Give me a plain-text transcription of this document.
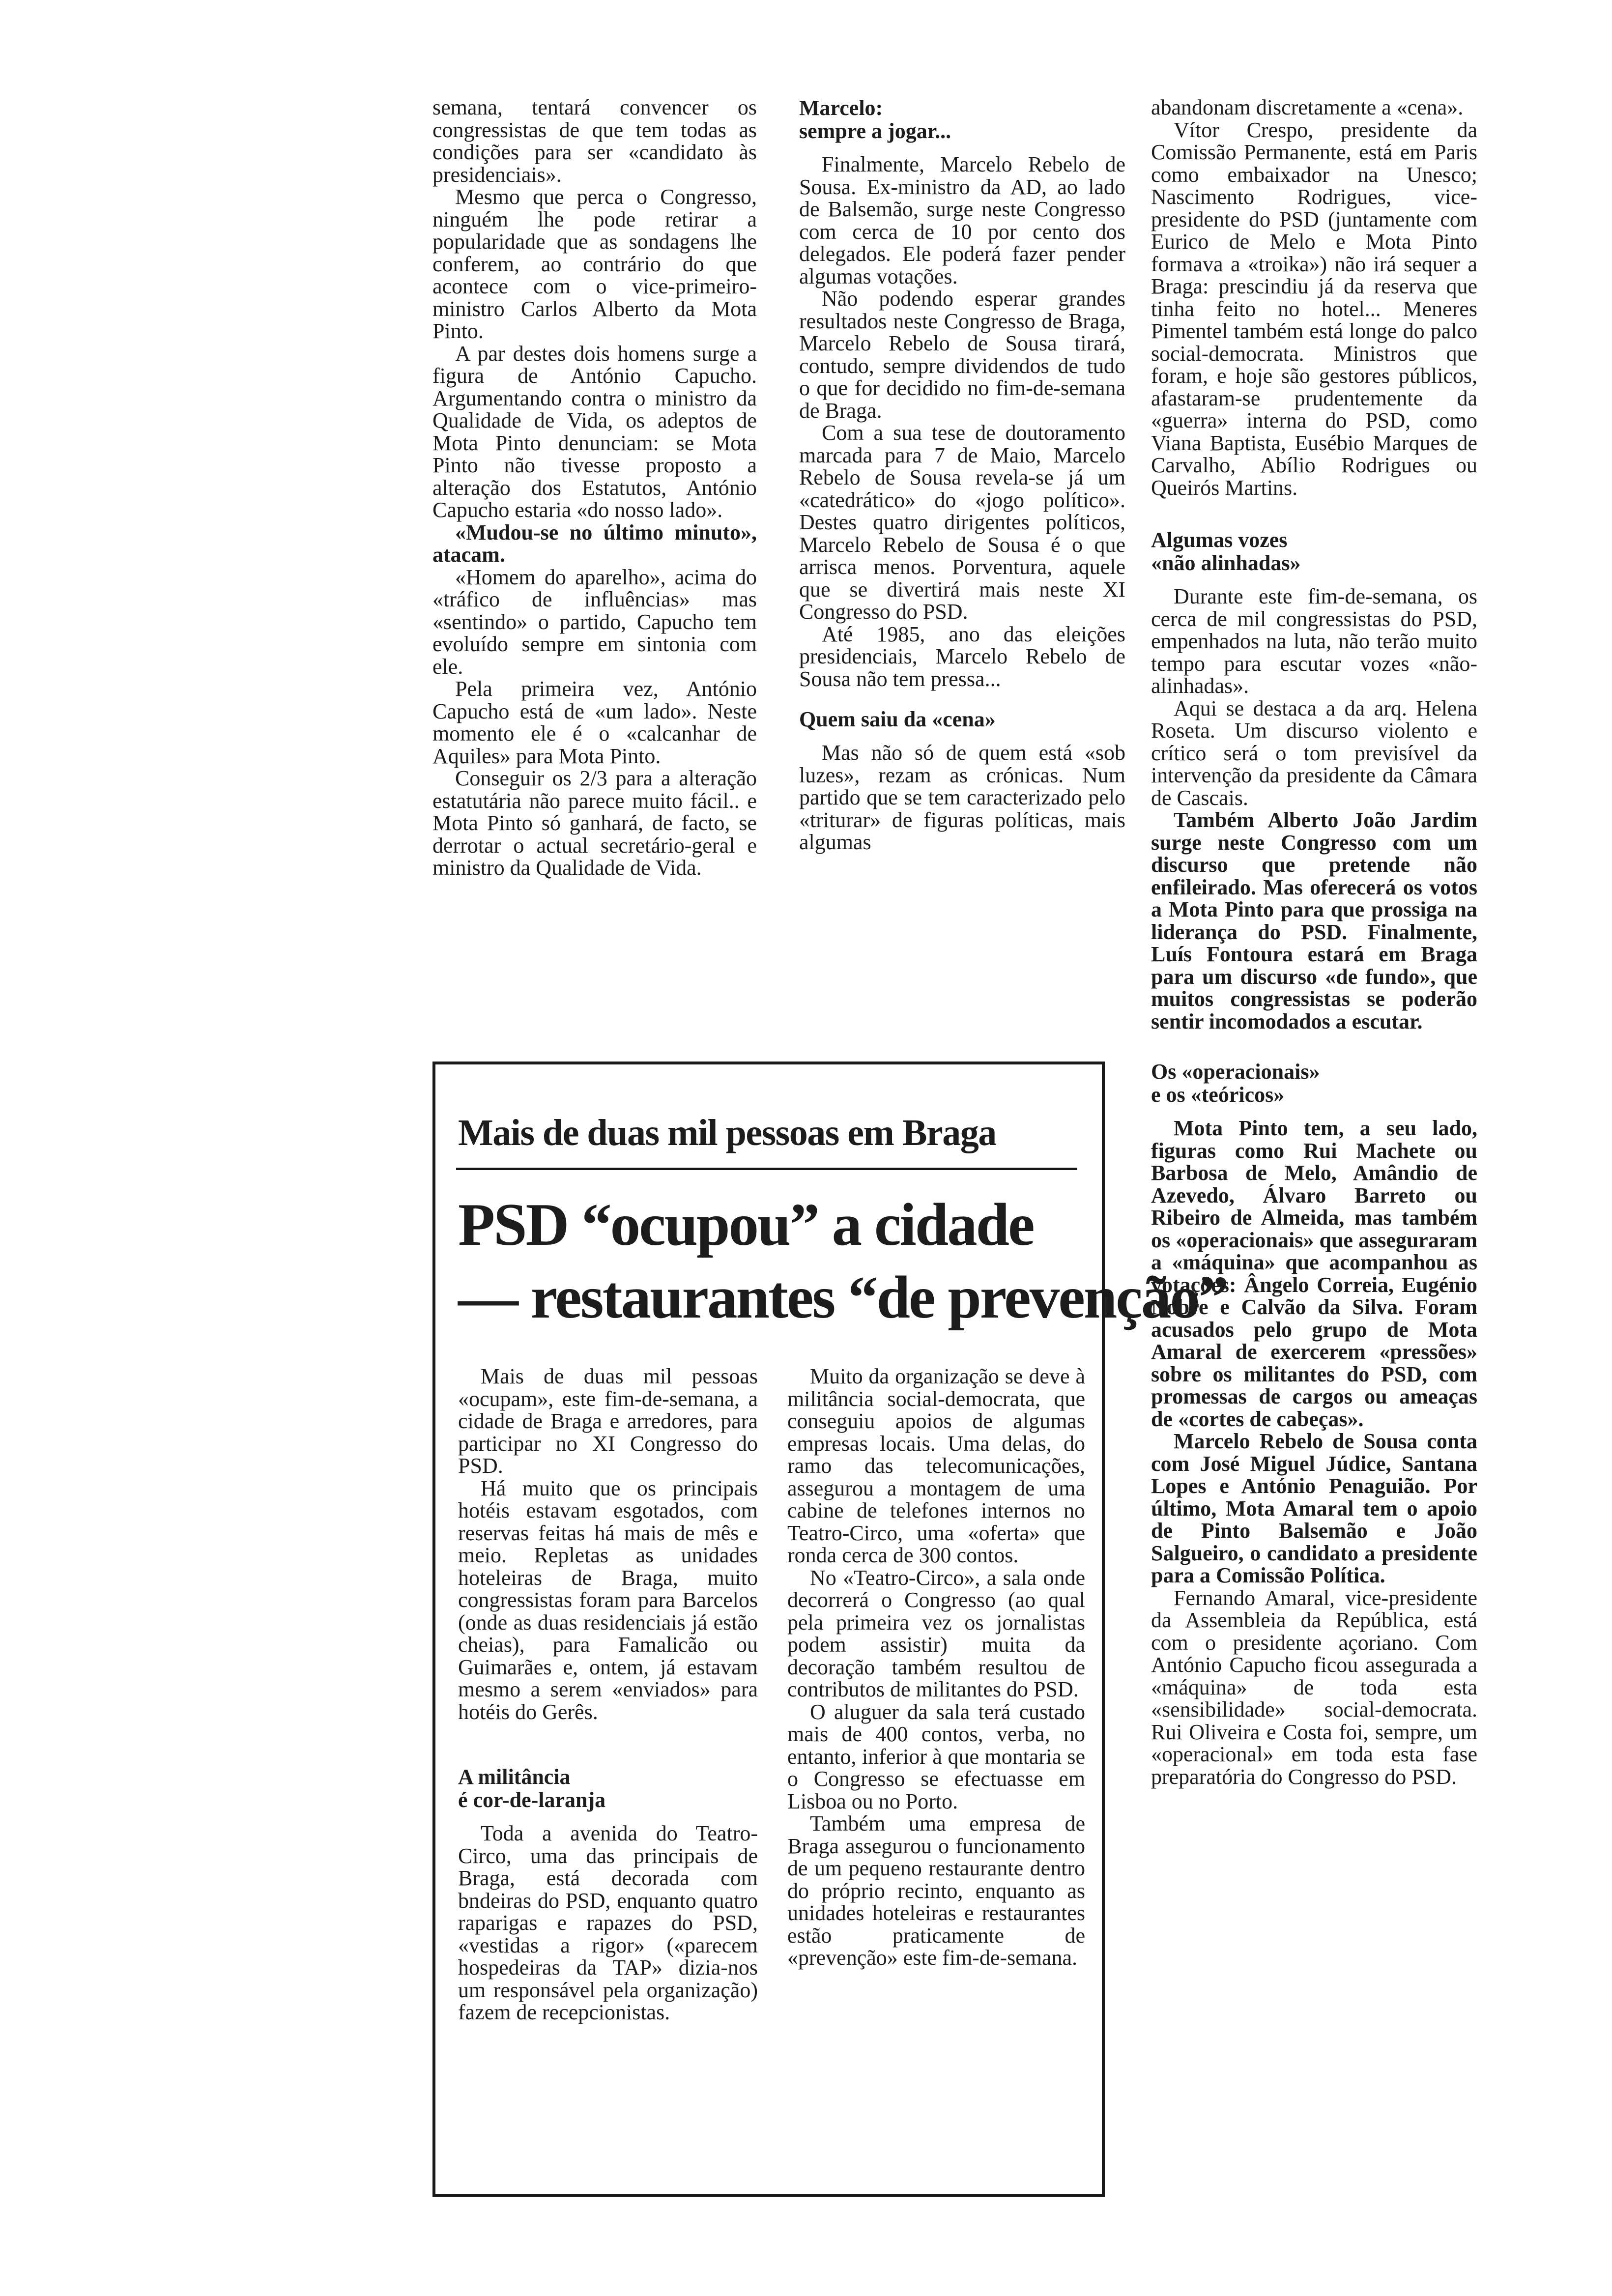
semana, tentará convencer os congressistas de que tem todas as condições para ser «candidato às presidenciais».

Mesmo que perca o Congresso, ninguém lhe pode retirar a popularidade que as sondagens lhe conferem, ao contrário do que acontece com o vice-primeiro-ministro Carlos Alberto da Mota Pinto.

A par destes dois homens surge a figura de António Capucho. Argumentando contra o ministro da Qualidade de Vida, os adeptos de Mota Pinto denunciam: se Mota Pinto não tivesse proposto a alteração dos Estatutos, António Capucho estaria «do nosso lado».

«Mudou-se no último minuto», atacam.

«Homem do aparelho», acima do «tráfico de influências» mas «sentindo» o partido, Capucho tem evoluído sempre em sintonia com ele.

Pela primeira vez, António Capucho está de «um lado». Neste momento ele é o «calcanhar de Aquiles» para Mota Pinto.

Conseguir os 2/3 para a alteração estatutária não parece muito fácil.. e Mota Pinto só ganhará, de facto, se derrotar o actual secretário-geral e ministro da Qualidade de Vida.

Marcelo:
sempre a jogar...

Finalmente, Marcelo Rebelo de Sousa. Ex-ministro da AD, ao lado de Balsemão, surge neste Congresso com cerca de 10 por cento dos delegados. Ele poderá fazer pender algumas votações.

Não podendo esperar grandes resultados neste Congresso de Braga, Marcelo Rebelo de Sousa tirará, contudo, sempre dividendos de tudo o que for decidido no fim-de-semana de Braga.

Com a sua tese de doutoramento marcada para 7 de Maio, Marcelo Rebelo de Sousa revela-se já um «catedrático» do «jogo político». Destes quatro dirigentes políticos, Marcelo Rebelo de Sousa é o que arrisca menos. Porventura, aquele que se divertirá mais neste XI Congresso do PSD.

Até 1985, ano das eleições presidenciais, Marcelo Rebelo de Sousa não tem pressa...

Quem saiu da «cena»

Mas não só de quem está «sob luzes», rezam as crónicas. Num partido que se tem caracterizado pelo «triturar» de figuras políticas, mais algumas

abandonam discretamente a «cena».

Vítor Crespo, presidente da Comissão Permanente, está em Paris como embaixador na Unesco; Nascimento Rodrigues, vice-presidente do PSD (juntamente com Eurico de Melo e Mota Pinto formava a «troika») não irá sequer a Braga: prescindiu já da reserva que tinha feito no hotel... Meneres Pimentel também está longe do palco social-democrata. Ministros que foram, e hoje são gestores públicos, afastaram-se prudentemente da «guerra» interna do PSD, como Viana Baptista, Eusébio Marques de Carvalho, Abílio Rodrigues ou Queirós Martins.

Algumas vozes
«não alinhadas»

Durante este fim-de-semana, os cerca de mil congressistas do PSD, empenhados na luta, não terão muito tempo para escutar vozes «não-alinhadas».

Aqui se destaca a da arq. Helena Roseta. Um discurso violento e crítico será o tom previsível da intervenção da presidente da Câmara de Cascais.

Também Alberto João Jardim surge neste Congresso com um discurso que pretende não enfileirado. Mas oferecerá os votos a Mota Pinto para que prossiga na liderança do PSD. Finalmente, Luís Fontoura estará em Braga para um discurso «de fundo», que muitos congressistas se poderão sentir incomodados a escutar.

Os «operacionais»
e os «teóricos»

Mota Pinto tem, a seu lado, figuras como Rui Machete ou Barbosa de Melo, Amândio de Azevedo, Álvaro Barreto ou Ribeiro de Almeida, mas também os «operacionais» que asseguraram a «máquina» que acompanhou as votações: Ângelo Correia, Eugénio Nobre e Calvão da Silva. Foram acusados pelo grupo de Mota Amaral de exercerem «pressões» sobre os militantes do PSD, com promessas de cargos ou ameaças de «cortes de cabeças».

Marcelo Rebelo de Sousa conta com José Miguel Júdice, Santana Lopes e António Penaguião. Por último, Mota Amaral tem o apoio de Pinto Balsemão e João Salgueiro, o candidato a presidente para a Comissão Política.

Fernando Amaral, vice-presidente da Assembleia da República, está com o presidente açoriano. Com António Capucho ficou assegurada a «máquina» de toda esta «sensibilidade» social-democrata. Rui Oliveira e Costa foi, sempre, um «operacional» em toda esta fase preparatória do Congresso do PSD.

Mais de duas mil pessoas em Braga
PSD “ocupou” a cidade
— restaurantes “de prevenção”

Mais de duas mil pessoas «ocupam», este fim-de-semana, a cidade de Braga e arredores, para participar no XI Congresso do PSD.

Há muito que os principais hotéis estavam esgotados, com reservas feitas há mais de mês e meio. Repletas as unidades hoteleiras de Braga, muito congressistas foram para Barcelos (onde as duas residenciais já estão cheias), para Famalicão ou Guimarães e, ontem, já estavam mesmo a serem «enviados» para hotéis do Gerês.

A militância
é cor-de-laranja

Toda a avenida do Teatro-Circo, uma das principais de Braga, está decorada com bndeiras do PSD, enquanto quatro raparigas e rapazes do PSD, «vestidas a rigor» («parecem hospedeiras da TAP» dizia-nos um responsável pela organização) fazem de recepcionistas.

Muito da organização se deve à militância social-democrata, que conseguiu apoios de algumas empresas locais. Uma delas, do ramo das telecomunicações, assegurou a montagem de uma cabine de telefones internos no Teatro-Circo, uma «oferta» que ronda cerca de 300 contos.

No «Teatro-Circo», a sala onde decorrerá o Congresso (ao qual pela primeira vez os jornalistas podem assistir) muita da decoração também resultou de contributos de militantes do PSD.

O aluguer da sala terá custado mais de 400 contos, verba, no entanto, inferior à que montaria se o Congresso se efectuasse em Lisboa ou no Porto.

Também uma empresa de Braga assegurou o funcionamento de um pequeno restaurante dentro do próprio recinto, enquanto as unidades hoteleiras e restaurantes estão praticamente de «prevenção» este fim-de-semana.
